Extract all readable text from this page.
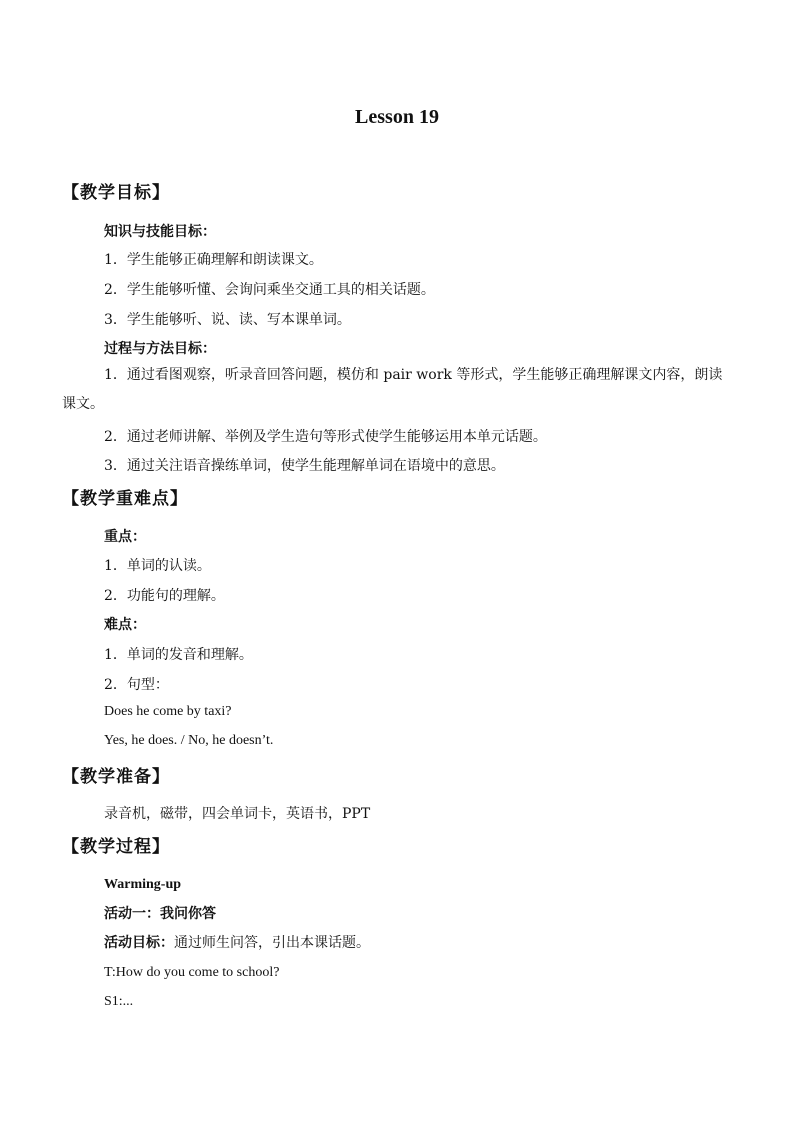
Lesson 19
【教学目标】
知识与技能目标：
1．学生能够正确理解和朗读课文。
2．学生能够听懂、会询问乘坐交通工具的相关话题。
3．学生能够听、说、读、写本课单词。
过程与方法目标：
1．通过看图观察，听录音回答问题，模仿和 pair work 等形式，学生能够正确理解课文内容，朗读课文。
2．通过老师讲解、举例及学生造句等形式使学生能够运用本单元话题。
3．通过关注语音操练单词，使学生能理解单词在语境中的意思。
【教学重难点】
重点：
1．单词的认读。
2．功能句的理解。
难点：
1．单词的发音和理解。
2．句型：
Does he come by taxi?
Yes, he does. / No, he doesn’t.
【教学准备】
录音机，磁带，四会单词卡，英语书，PPT
【教学过程】
Warming-up
活动一：我问你答
活动目标：通过师生问答，引出本课话题。
T:How do you come to school?
S1:...
